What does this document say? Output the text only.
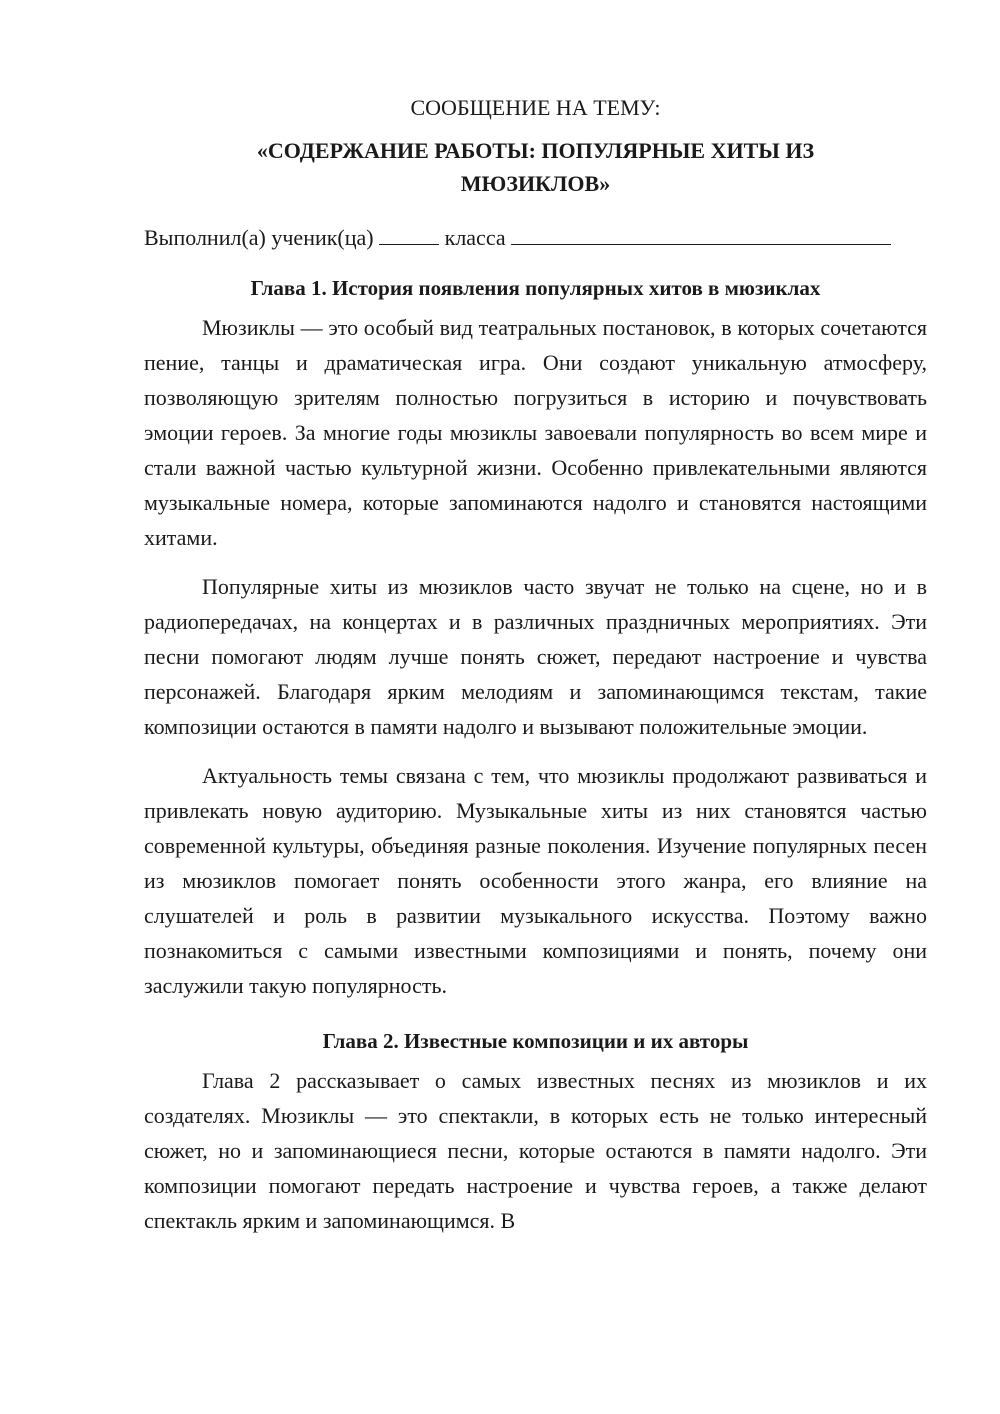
СООБЩЕНИЕ НА ТЕМУ:

«СОДЕРЖАНИЕ РАБОТЫ: ПОПУЛЯРНЫЕ ХИТЫ ИЗ
МЮЗИКЛОВ»

Выполнил(а) ученик(ца)	класса

Глава 1. История появления популярных хитов в мюзиклах

Мюзиклы — это особый вид театральных постановок, в которых сочетаются пение, танцы и драматическая игра. Они создают уникальную атмосферу, позволяющую зрителям полностью погрузиться в историю и почувствовать эмоции героев. За многие годы мюзиклы завоевали популярность во всем мире и стали важной частью культурной жизни. Особенно привлекательными являются музыкальные номера, которые запоминаются надолго и становятся настоящими хитами.

Популярные хиты из мюзиклов часто звучат не только на сцене, но и в радиопередачах, на концертах и в различных праздничных мероприятиях. Эти песни помогают людям лучше понять сюжет, передают настроение и чувства персонажей. Благодаря ярким мелодиям и запоминающимся текстам, такие композиции остаются в памяти надолго и вызывают положительные эмоции.

Актуальность темы связана с тем, что мюзиклы продолжают развиваться и привлекать новую аудиторию. Музыкальные хиты из них становятся частью современной культуры, объединяя разные поколения. Изучение популярных песен из мюзиклов помогает понять особенности этого жанра, его влияние на слушателей и роль в развитии музыкального искусства. Поэтому важно познакомиться с самыми известными композициями и понять, почему они заслужили такую популярность.

Глава 2. Известные композиции и их авторы

Глава 2 рассказывает о самых известных песнях из мюзиклов и их создателях. Мюзиклы — это спектакли, в которых есть не только интересный сюжет, но и запоминающиеся песни, которые остаются в памяти надолго. Эти композиции помогают передать настроение и чувства героев, а также делают спектакль ярким и запоминающимся. В
